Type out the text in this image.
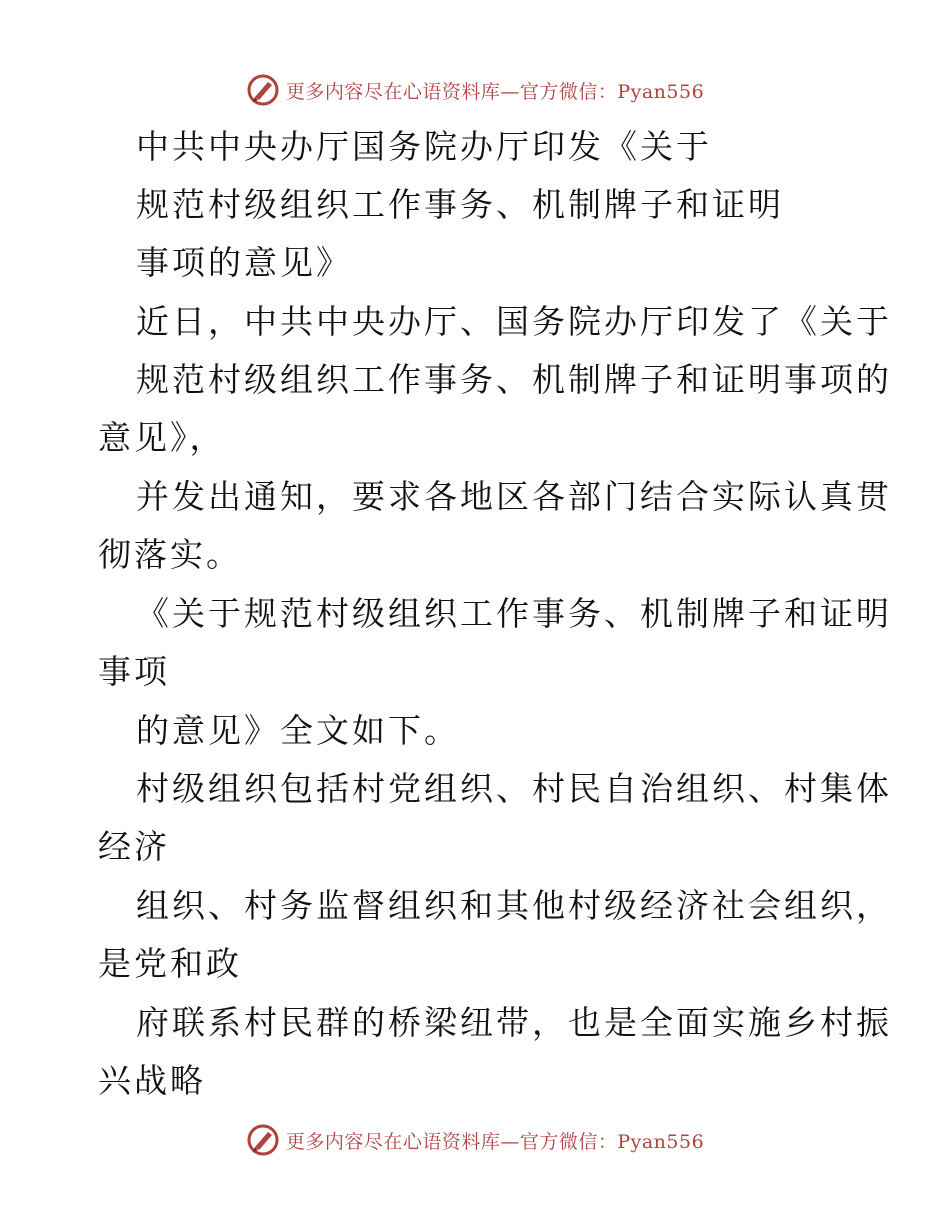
更多内容尽在心语资料库—官方微信：Pyan556
中共中央办厅国务院办厅印发《关于
规范村级组织工作事务、机制牌子和证明
事项的意见》
近日，中共中央办厅、国务院办厅印发了《关于
规范村级组织工作事务、机制牌子和证明事项的
意见》，
并发出通知，要求各地区各部门结合实际认真贯
彻落实。
《关于规范村级组织工作事务、机制牌子和证明
事项
的意见》全文如下。
村级组织包括村党组织、村民自治组织、村集体
经济
组织、村务监督组织和其他村级经济社会组织，
是党和政
府联系村民群的桥梁纽带，也是全面实施乡村振
兴战略
更多内容尽在心语资料库—官方微信：Pyan556
